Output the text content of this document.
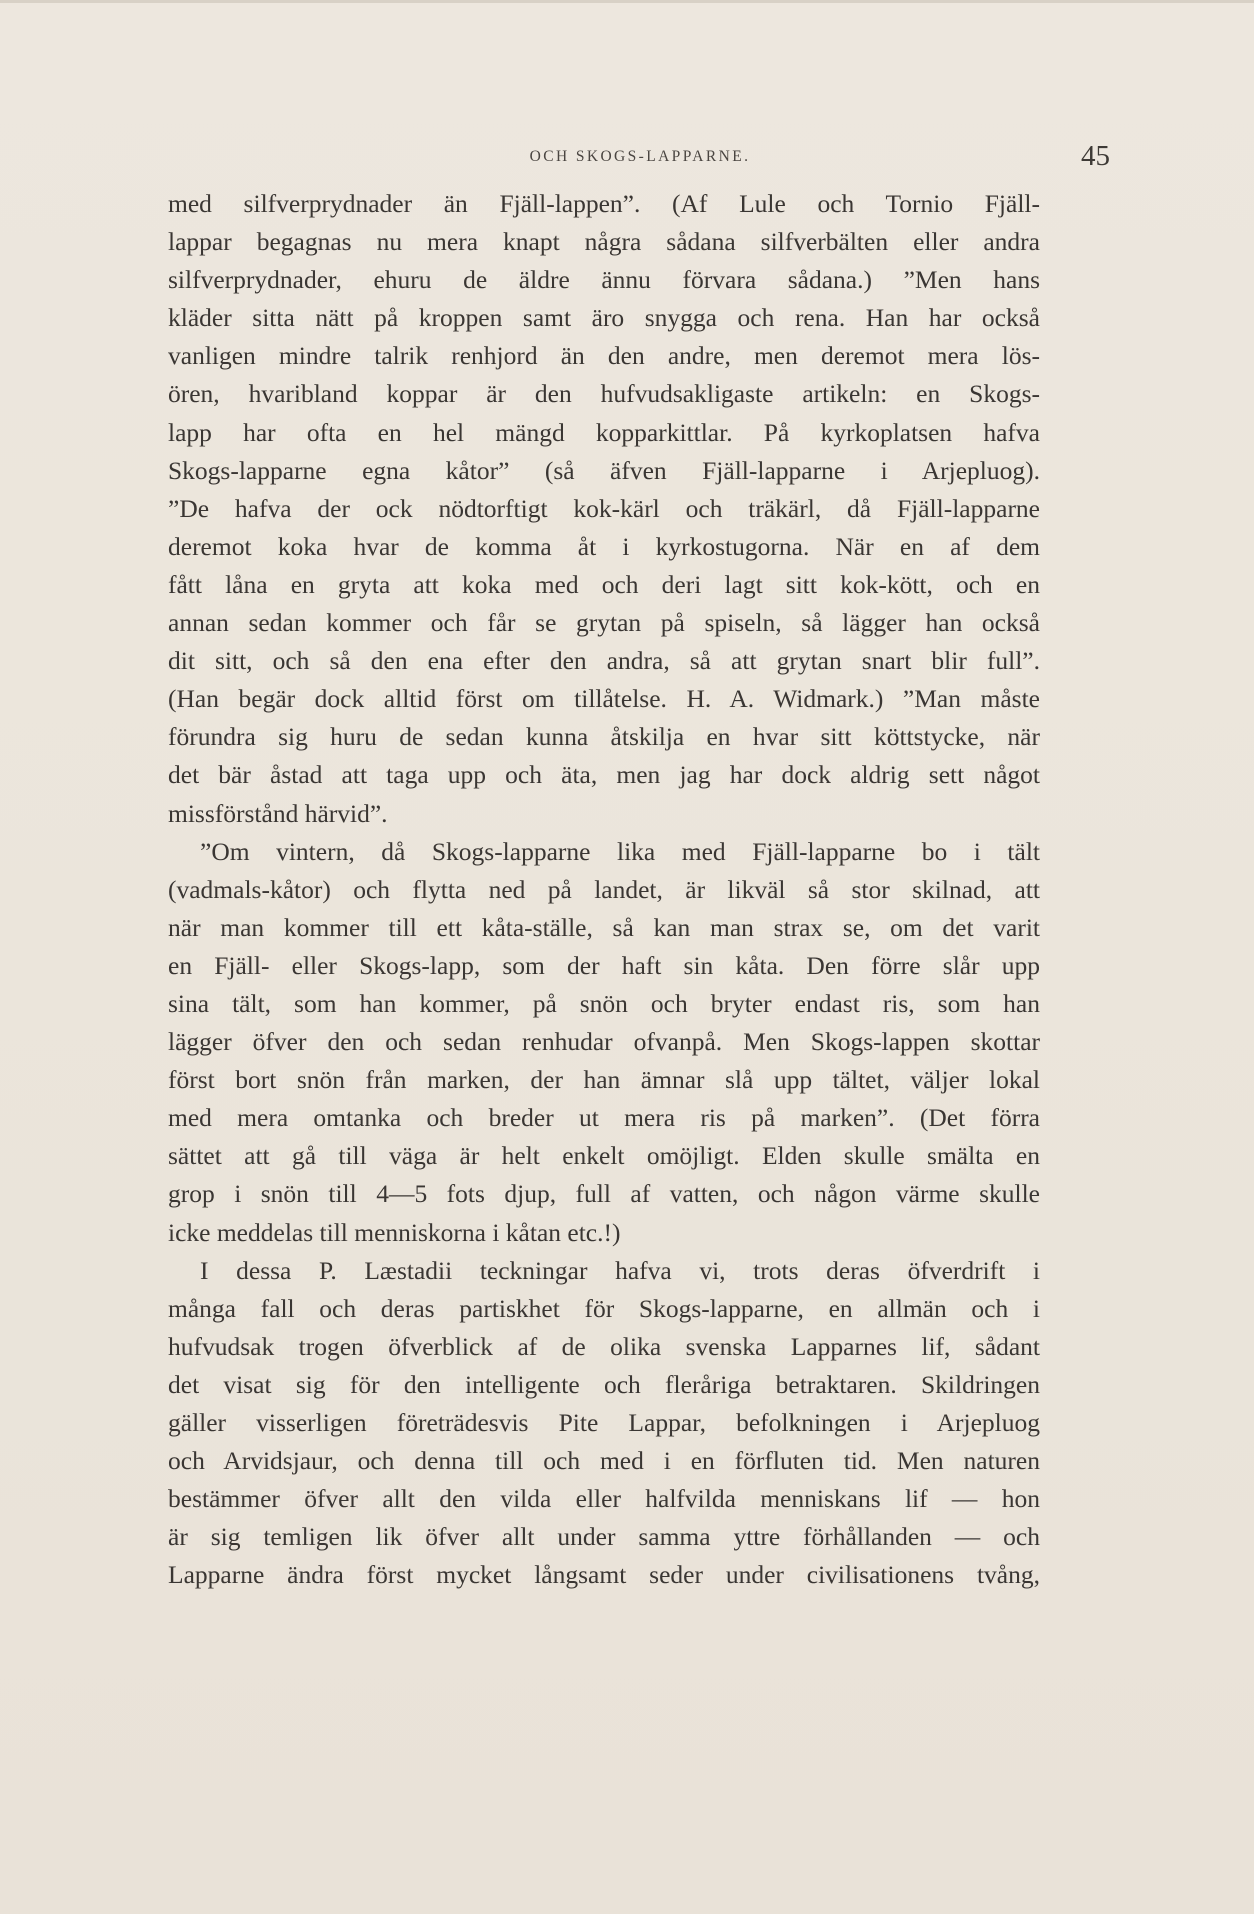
OCH SKOGS-LAPPARNE.	45
med silfverprydnader än Fjäll-lappen”. (Af Lule och Tornio Fjäll-
lappar begagnas nu mera knapt några sådana silfverbälten eller andra
silfverprydnader, ehuru de äldre ännu förvara sådana.) ”Men hans
kläder sitta nätt på kroppen samt äro snygga och rena. Han har också
vanligen mindre talrik renhjord än den andre, men deremot mera lös-
ören, hvaribland koppar är den hufvudsakligaste artikeln: en Skogs-
lapp har ofta en hel mängd kopparkittlar. På kyrkoplatsen hafva
Skogs-lapparne egna kåtor” (så äfven Fjäll-lapparne i Arjepluog).
”De hafva der ock nödtorftigt kok-kärl och träkärl, då Fjäll-lapparne
deremot koka hvar de komma åt i kyrkostugorna. När en af dem
fått låna en gryta att koka med och deri lagt sitt kok-kött, och en
annan sedan kommer och får se grytan på spiseln, så lägger han också
dit sitt, och så den ena efter den andra, så att grytan snart blir full”.
(Han begär dock alltid först om tillåtelse. H. A. Widmark.) ”Man måste
förundra sig huru de sedan kunna åtskilja en hvar sitt köttstycke, när
det bär åstad att taga upp och äta, men jag har dock aldrig sett något
missförstånd härvid”.
”Om vintern, då Skogs-lapparne lika med Fjäll-lapparne bo i tält
(vadmals-kåtor) och flytta ned på landet, är likväl så stor skilnad, att
när man kommer till ett kåta-ställe, så kan man strax se, om det varit
en Fjäll- eller Skogs-lapp, som der haft sin kåta. Den förre slår upp
sina tält, som han kommer, på snön och bryter endast ris, som han
lägger öfver den och sedan renhudar ofvanpå. Men Skogs-lappen skottar
först bort snön från marken, der han ämnar slå upp tältet, väljer lokal
med mera omtanka och breder ut mera ris på marken”. (Det förra
sättet att gå till väga är helt enkelt omöjligt. Elden skulle smälta en
grop i snön till 4—5 fots djup, full af vatten, och någon värme skulle
icke meddelas till menniskorna i kåtan etc.!)
I dessa P. Læstadii teckningar hafva vi, trots deras öfverdrift i
många fall och deras partiskhet för Skogs-lapparne, en allmän och i
hufvudsak trogen öfverblick af de olika svenska Lapparnes lif, sådant
det visat sig för den intelligente och fleråriga betraktaren. Skildringen
gäller visserligen företrädesvis Pite Lappar, befolkningen i Arjepluog
och Arvidsjaur, och denna till och med i en förfluten tid. Men naturen
bestämmer öfver allt den vilda eller halfvilda menniskans lif — hon
är sig temligen lik öfver allt under samma yttre förhållanden — och
Lapparne ändra först mycket långsamt seder under civilisationens tvång,
